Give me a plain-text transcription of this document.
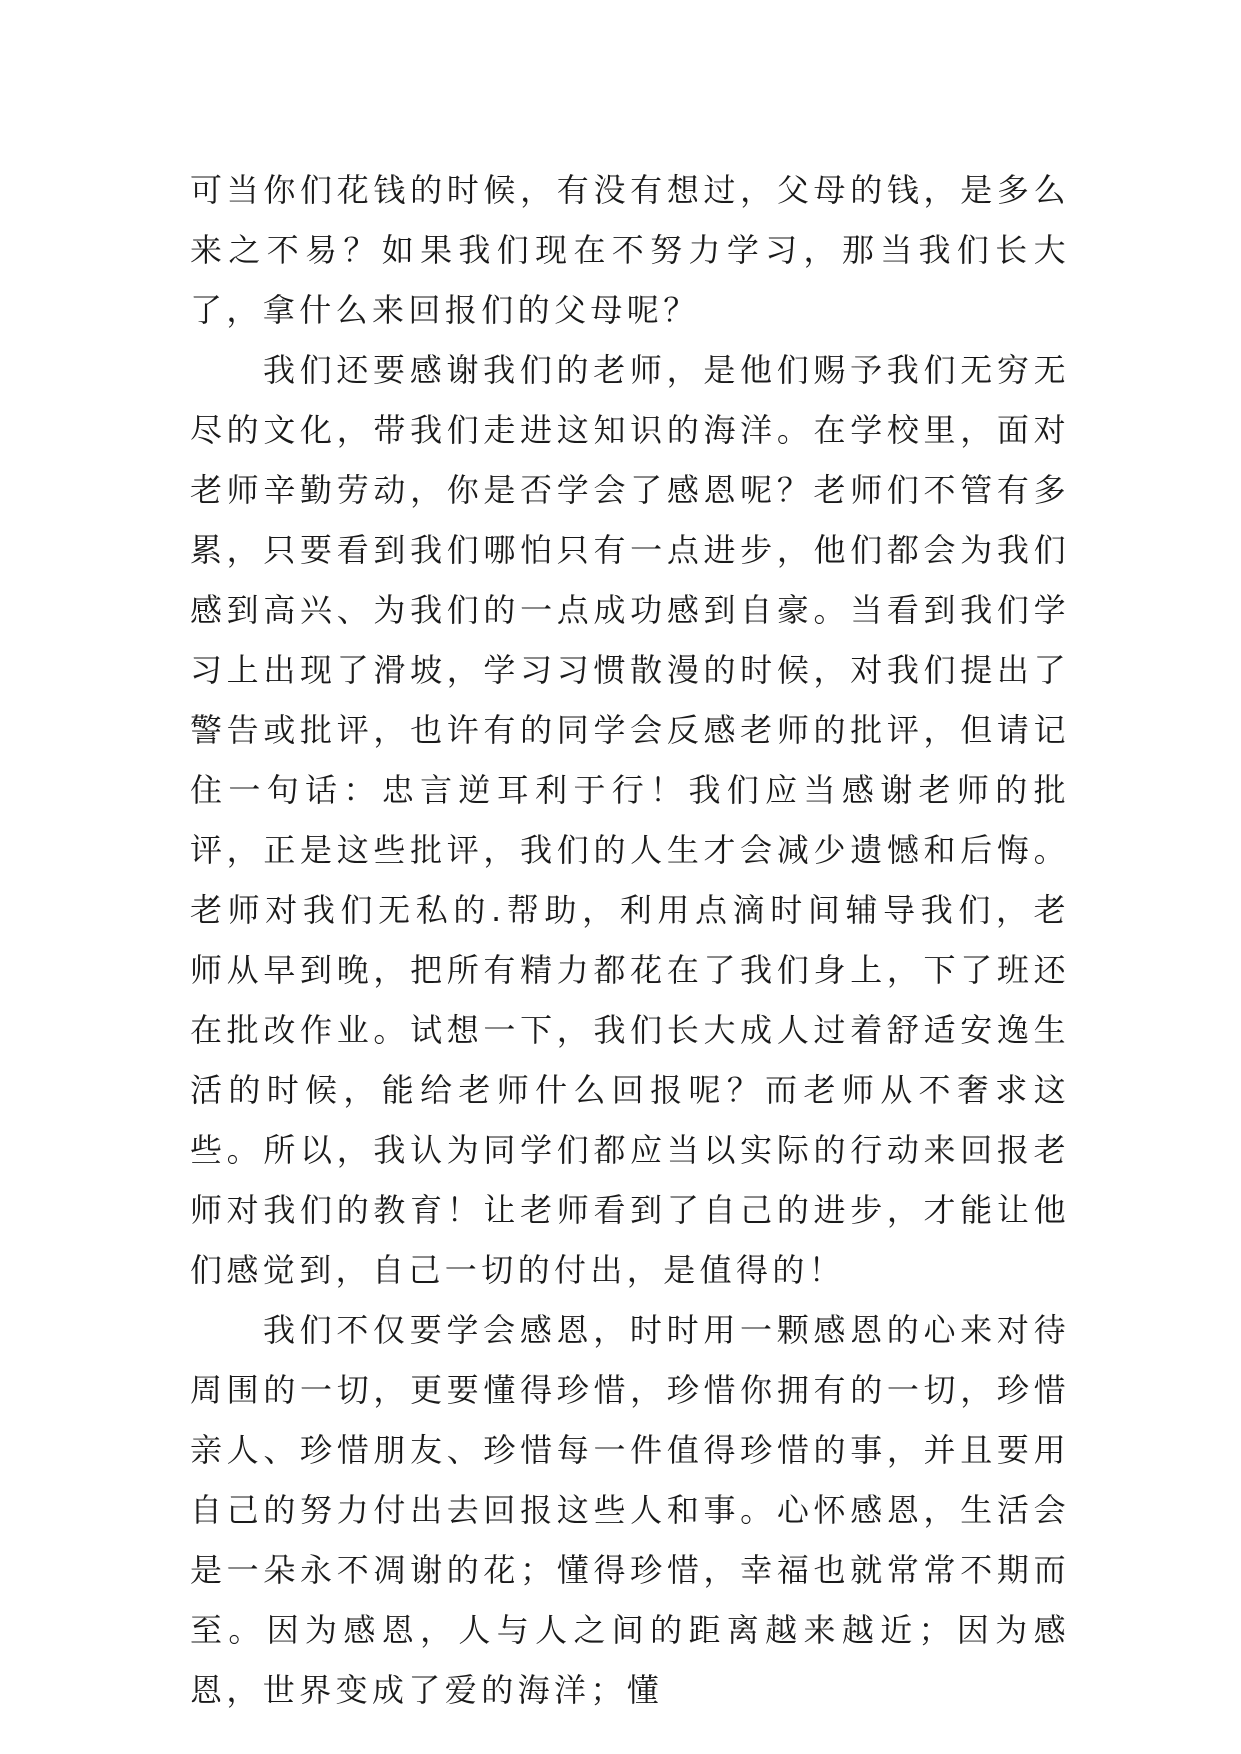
可当你们花钱的时候，有没有想过，父母的钱，是多么来之不易？如果我们现在不努力学习，那当我们长大了，拿什么来回报们的父母呢？

我们还要感谢我们的老师，是他们赐予我们无穷无尽的文化，带我们走进这知识的海洋。在学校里，面对老师辛勤劳动，你是否学会了感恩呢？老师们不管有多累，只要看到我们哪怕只有一点进步，他们都会为我们感到高兴、为我们的一点成功感到自豪。当看到我们学习上出现了滑坡，学习习惯散漫的时候，对我们提出了警告或批评，也许有的同学会反感老师的批评，但请记住一句话：忠言逆耳利于行！我们应当感谢老师的批评，正是这些批评，我们的人生才会减少遗憾和后悔。老师对我们无私的.帮助，利用点滴时间辅导我们，老师从早到晚，把所有精力都花在了我们身上，下了班还在批改作业。试想一下，我们长大成人过着舒适安逸生活的时候，能给老师什么回报呢？而老师从不奢求这些。所以，我认为同学们都应当以实际的行动来回报老师对我们的教育！让老师看到了自己的进步，才能让他们感觉到，自己一切的付出，是值得的！

我们不仅要学会感恩，时时用一颗感恩的心来对待周围的一切，更要懂得珍惜，珍惜你拥有的一切，珍惜亲人、珍惜朋友、珍惜每一件值得珍惜的事，并且要用自己的努力付出去回报这些人和事。心怀感恩，生活会是一朵永不凋谢的花；懂得珍惜，幸福也就常常不期而至。因为感恩，人与人之间的距离越来越近；因为感恩，世界变成了爱的海洋；懂
